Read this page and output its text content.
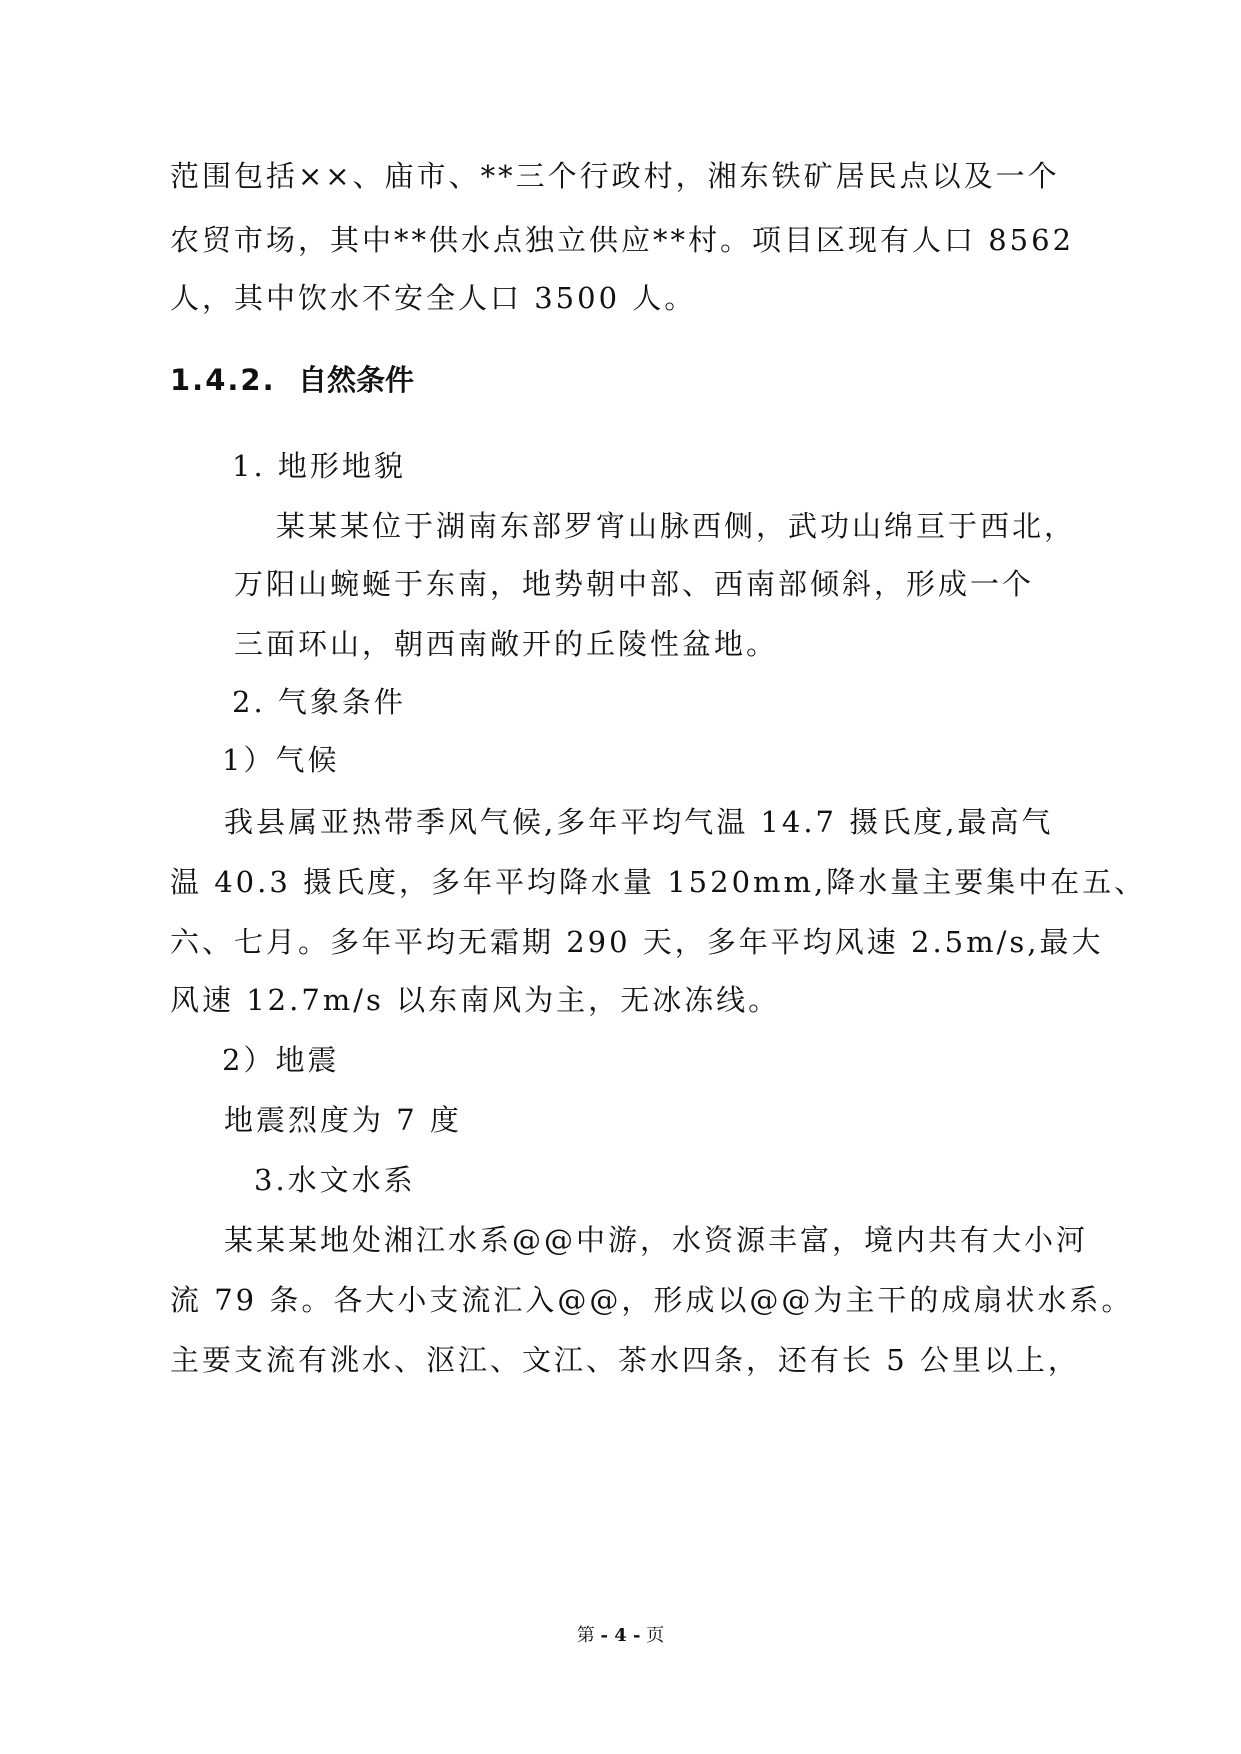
范围包括××、庙市、**三个行政村，湘东铁矿居民点以及一个
农贸市场，其中**供水点独立供应**村。项目区现有人口 8562
人，其中饮水不安全人口 3500 人。
1.4.2. 自然条件
1. 地形地貌
某某某位于湖南东部罗宵山脉西侧，武功山绵亘于西北，
万阳山蜿蜒于东南，地势朝中部、西南部倾斜，形成一个
三面环山，朝西南敞开的丘陵性盆地。
2. 气象条件
1）气候
我县属亚热带季风气候,多年平均气温 14.7 摄氏度,最高气
温 40.3 摄氏度，多年平均降水量 1520mm,降水量主要集中在五、
六、七月。多年平均无霜期 290 天，多年平均风速 2.5m/s,最大
风速 12.7m/s 以东南风为主，无冰冻线。
2）地震
地震烈度为 7 度
3.水文水系
某某某地处湘江水系@@中游，水资源丰富，境内共有大小河
流 79 条。各大小支流汇入@@，形成以@@为主干的成扇状水系。
主要支流有洮水、沤江、文江、茶水四条，还有长 5 公里以上，
第 - 4 - 页
